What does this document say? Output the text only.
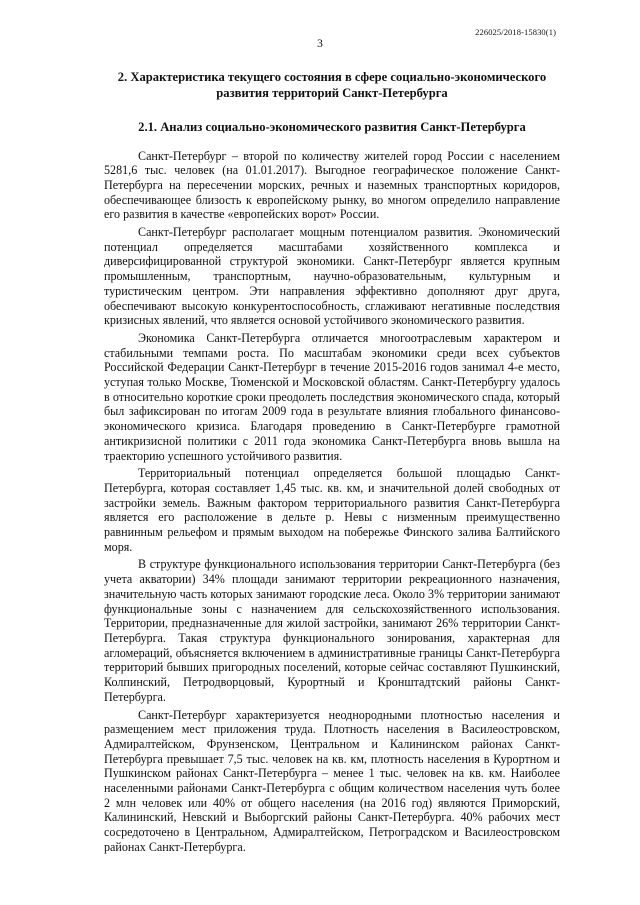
226025/2018-15830(1)
3
2. Характеристика текущего состояния в сфере социально-экономического развития территорий Санкт-Петербурга
2.1. Анализ социально-экономического развития Санкт-Петербурга

Санкт-Петербург – второй по количеству жителей город России с населением 5281,6 тыс. человек (на 01.01.2017). Выгодное географическое положение Санкт-Петербурга на пересечении морских, речных и наземных транспортных коридоров, обеспечивающее близость к европейскому рынку, во многом определило направление его развития в качестве «европейских ворот» России.

Санкт-Петербург располагает мощным потенциалом развития. Экономический потенциал определяется масштабами хозяйственного комплекса и диверсифицированной структурой экономики. Санкт-Петербург является крупным промышленным, транспортным, научно-образовательным, культурным и туристическим центром. Эти направления эффективно дополняют друг друга, обеспечивают высокую конкурентоспособность, сглаживают негативные последствия кризисных явлений, что является основой устойчивого экономического развития.

Экономика Санкт-Петербурга отличается многоотраслевым характером и стабильными темпами роста. По масштабам экономики среди всех субъектов Российской Федерации Санкт-Петербург в течение 2015-2016 годов занимал 4-е место, уступая только Москве, Тюменской и Московской областям. Санкт-Петербургу удалось в относительно короткие сроки преодолеть последствия экономического спада, который был зафиксирован по итогам 2009 года в результате влияния глобального финансово-экономического кризиса. Благодаря проведению в Санкт-Петербурге грамотной антикризисной политики с 2011 года экономика Санкт-Петербурга вновь вышла на траекторию успешного устойчивого развития.

Территориальный потенциал определяется большой площадью Санкт-Петербурга, которая составляет 1,45 тыс. кв. км, и значительной долей свободных от застройки земель. Важным фактором территориального развития Санкт-Петербурга является его расположение в дельте р. Невы с низменным преимущественно равнинным рельефом и прямым выходом на побережье Финского залива Балтийского моря.

В структуре функционального использования территории Санкт-Петербурга (без учета акватории) 34% площади занимают территории рекреационного назначения, значительную часть которых занимают городские леса. Около 3% территории занимают функциональные зоны с назначением для сельскохозяйственного использования. Территории, предназначенные для жилой застройки, занимают 26% территории Санкт-Петербурга. Такая структура функционального зонирования, характерная для агломераций, объясняется включением в административные границы Санкт-Петербурга территорий бывших пригородных поселений, которые сейчас составляют Пушкинский, Колпинский, Петродворцовый, Курортный и Кронштадтский районы Санкт-Петербурга.

Санкт-Петербург характеризуется неоднородными плотностью населения и размещением мест приложения труда. Плотность населения в Василеостровском, Адмиралтейском, Фрунзенском, Центральном и Калининском районах Санкт-Петербурга превышает 7,5 тыс. человек на кв. км, плотность населения в Курортном и Пушкинском районах Санкт-Петербурга – менее 1 тыс. человек на кв. км. Наиболее населенными районами Санкт-Петербурга с общим количеством населения чуть более 2 млн человек или 40% от общего населения (на 2016 год) являются Приморский, Калининский, Невский и Выборгский районы Санкт-Петербурга. 40% рабочих мест сосредоточено в Центральном, Адмиралтейском, Петроградском и Василеостровском районах Санкт-Петербурга.
